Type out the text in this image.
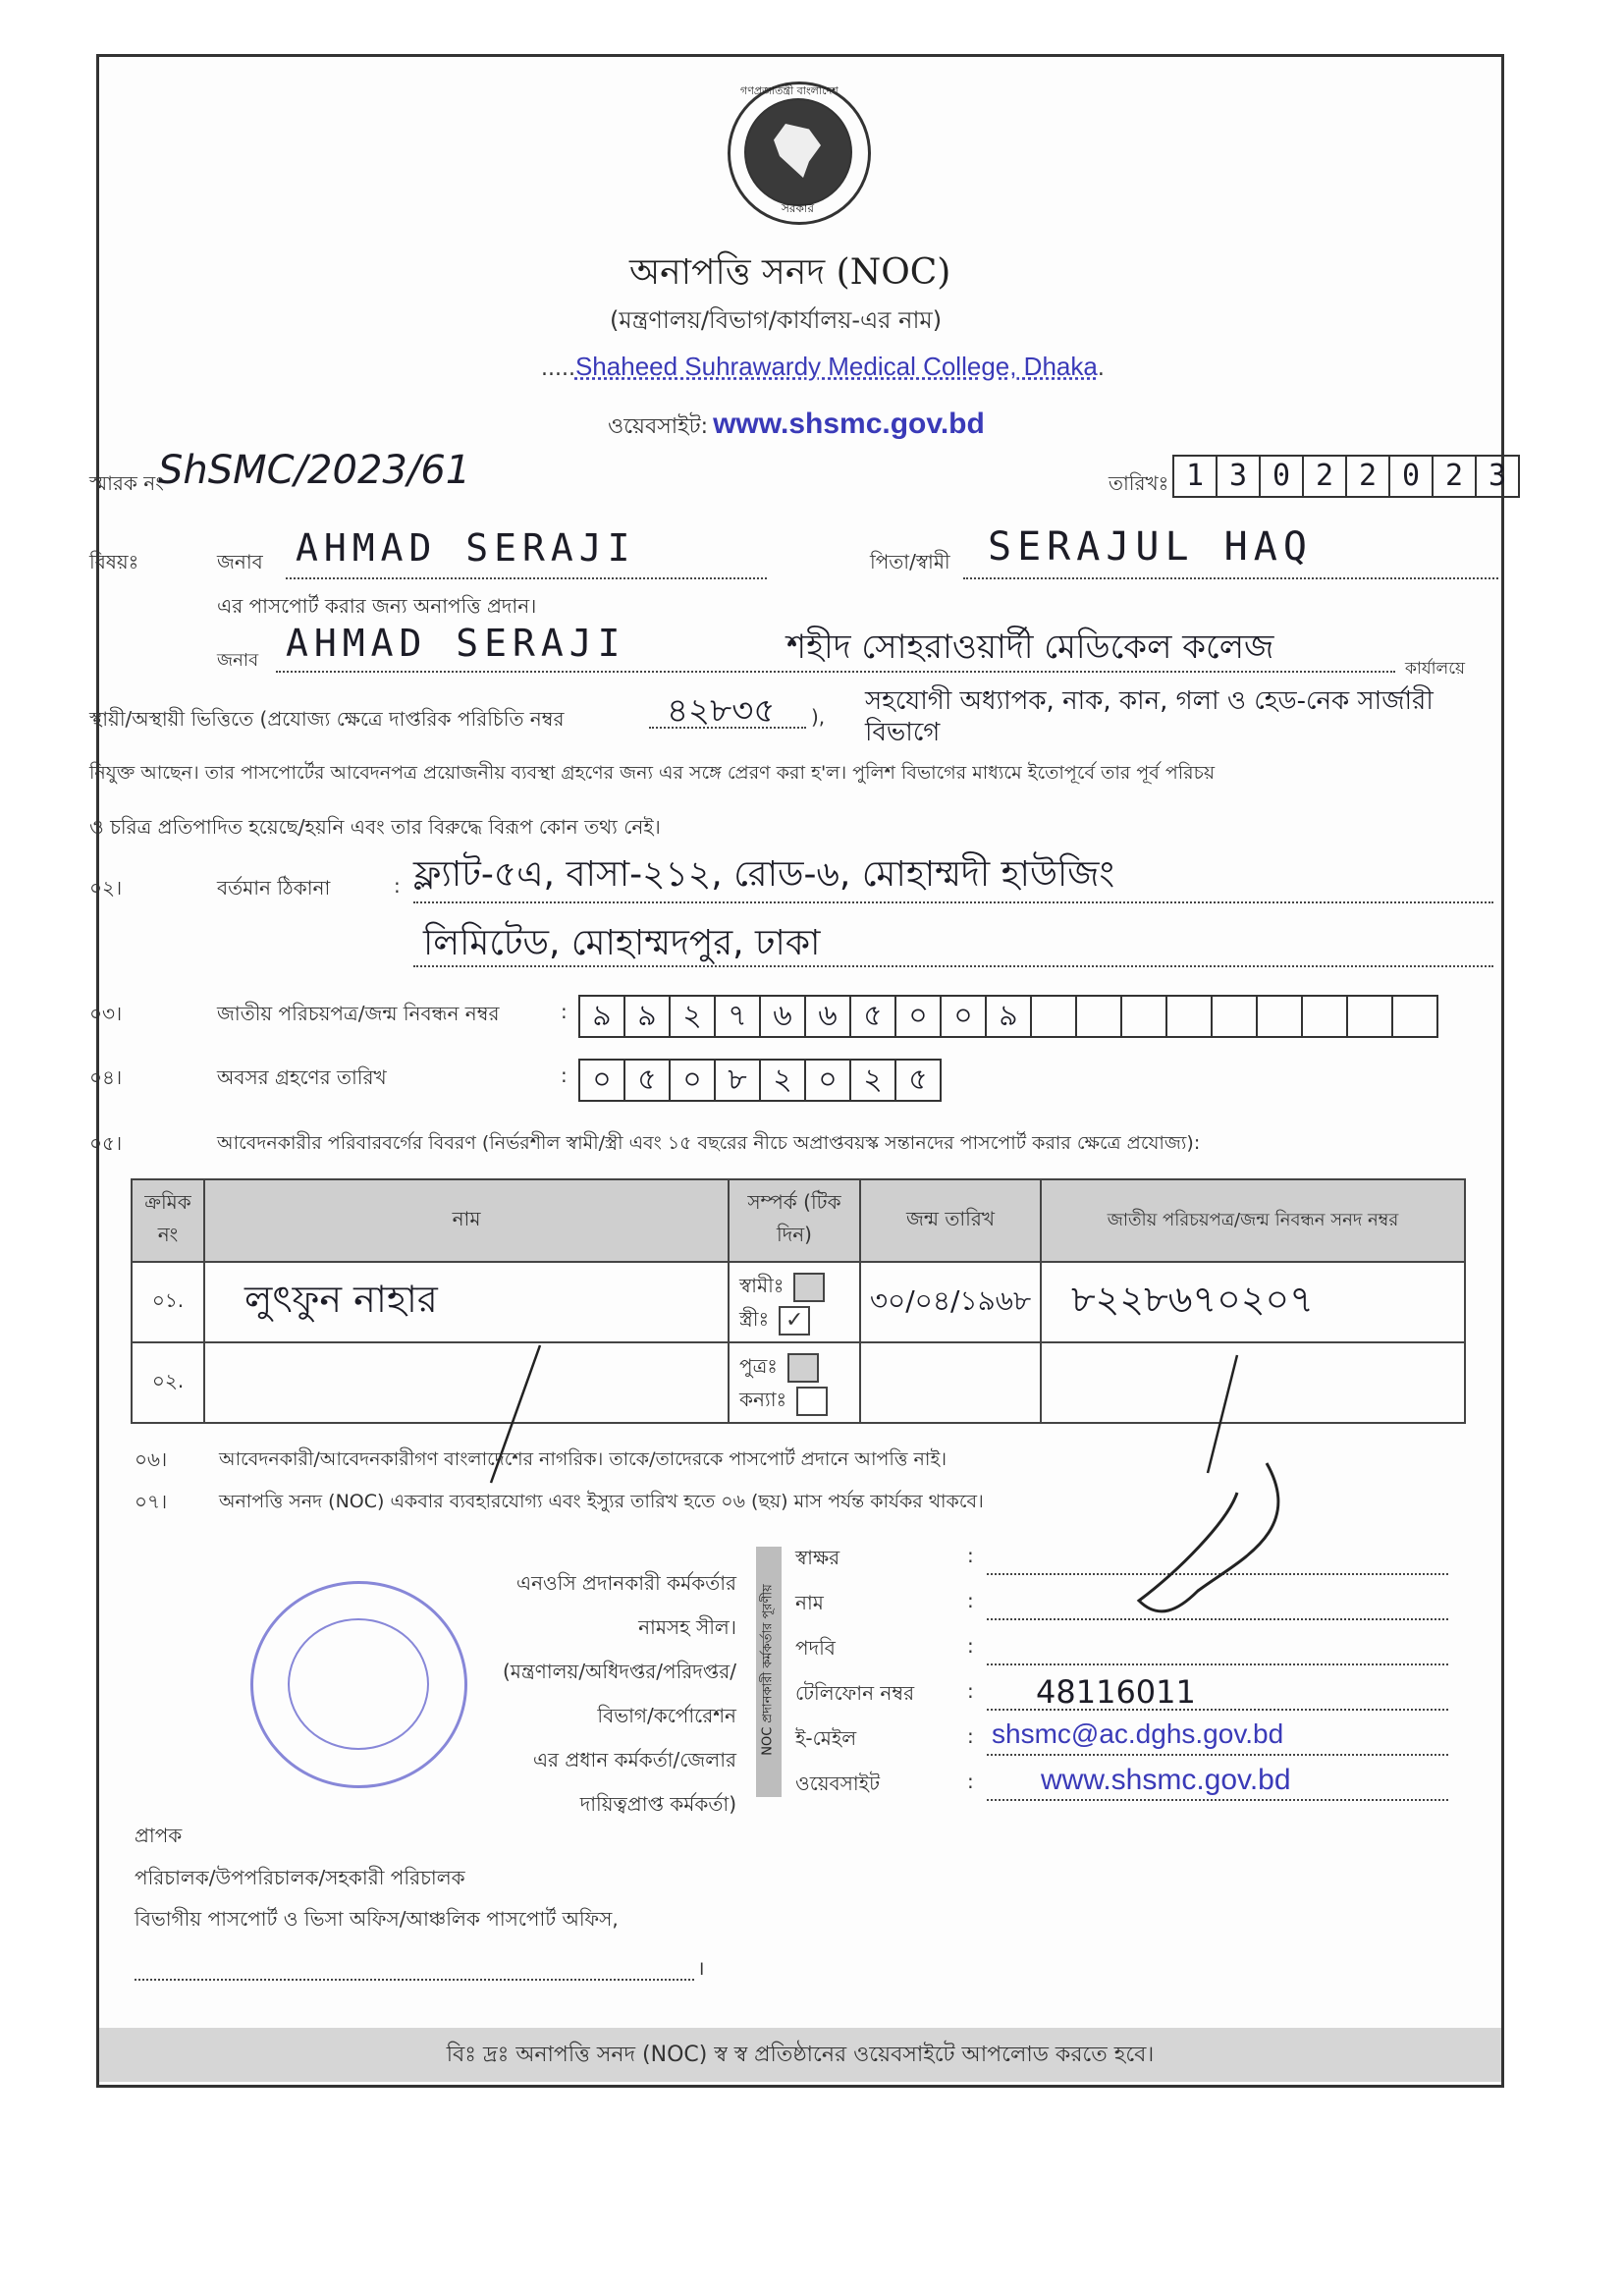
গণপ্রজাতন্ত্রী বাংলাদেশ
সরকার
অনাপত্তি সনদ (NOC)
(মন্ত্রণালয়/বিভাগ/কার্যালয়-এর নাম)
.....Shaheed Suhrawardy Medical College, Dhaka.
ওয়েবসাইট: www.shsmc.gov.bd
স্মারক নং
ShSMC/2023/61	তারিখঃ 1 3 0 2 2 0 2 3
বিষয়ঃ	জনাব AHMAD SERAJI	পিতা/স্বামী SERAJUL HAQ
এর পাসপোর্ট করার জন্য অনাপত্তি প্রদান।
জনাব AHMAD SERAJI	শহীদ সোহরাওয়ার্দী মেডিকেল কলেজ
কার্যালয়ে
স্থায়ী/অস্থায়ী ভিত্তিতে (প্রযোজ্য ক্ষেত্রে দাপ্তরিক পরিচিতি নম্বর	৪২৮৩৫ ),
সহযোগী অধ্যাপক, নাক, কান, গলা ও হেড-নেক সার্জারী বিভাগে
নিযুক্ত আছেন। তার পাসপোর্টের আবেদনপত্র প্রয়োজনীয় ব্যবস্থা গ্রহণের জন্য এর সঙ্গে প্রেরণ করা হ'ল। পুলিশ বিভাগের মাধ্যমে ইতোপূর্বে তার পূর্ব পরিচয়
ও চরিত্র প্রতিপাদিত হয়েছে/হয়নি এবং তার বিরুদ্ধে বিরূপ কোন তথ্য নেই।
০২।	বর্তমান ঠিকানা	: ফ্ল্যাট-৫এ, বাসা-২১২, রোড-৬, মোহাম্মদী হাউজিং
লিমিটেড, মোহাম্মদপুর, ঢাকা
০৩।	জাতীয় পরিচয়পত্র/জন্ম নিবন্ধন নম্বর	: ৯ ৯ ২ ৭ ৬ ৬ ৫ ০ ০ ৯
০৪।	অবসর গ্রহণের তারিখ	: ০ ৫ ০ ৮ ২ ০ ২ ৫
০৫।	আবেদনকারীর পরিবারবর্গের বিবরণ (নির্ভরশীল স্বামী/স্ত্রী এবং ১৫ বছরের নীচে অপ্রাপ্তবয়স্ক সন্তানদের পাসপোর্ট করার ক্ষেত্রে প্রযোজ্য):
ক্রমিক নং	নাম	সম্পর্ক (টিক দিন)	জন্ম তারিখ	জাতীয় পরিচয়পত্র/জন্ম নিবন্ধন সনদ নম্বর
০১.	লুৎফুন নাহার	স্বামীঃ
স্ত্রীঃ ✓	৩০/০৪/১৯৬৮	৮২২৮৬৭০২০৭
০২.		পুত্রঃ
কন্যাঃ		
০৬।	আবেদনকারী/আবেদনকারীগণ বাংলাদেশের নাগরিক। তাকে/তাদেরকে পাসপোর্ট প্রদানে আপত্তি নাই।
০৭।	অনাপত্তি সনদ (NOC) একবার ব্যবহারযোগ্য এবং ইস্যুর তারিখ হতে ০৬ (ছয়) মাস পর্যন্ত কার্যকর থাকবে।
এনওসি প্রদানকারী কর্মকর্তার
নামসহ সীল।
(মন্ত্রণালয়/অধিদপ্তর/পরিদপ্তর/
বিভাগ/কর্পোরেশন
এর প্রধান কর্মকর্তা/জেলার
দায়িত্বপ্রাপ্ত কর্মকর্তা)
NOC প্রদানকারী কর্মকর্তার পূরণীয়
স্বাক্ষর	:
নাম	:
পদবি	:
টেলিফোন নম্বর	: 48116011
ই-মেইল	: shsmc@ac.dghs.gov.bd
ওয়েবসাইট	: www.shsmc.gov.bd
প্রাপক
পরিচালক/উপপরিচালক/সহকারী পরিচালক
বিভাগীয় পাসপোর্ট ও ভিসা অফিস/আঞ্চলিক পাসপোর্ট অফিস,
।
বিঃ দ্রঃ অনাপত্তি সনদ (NOC) স্ব স্ব প্রতিষ্ঠানের ওয়েবসাইটে আপলোড করতে হবে।
